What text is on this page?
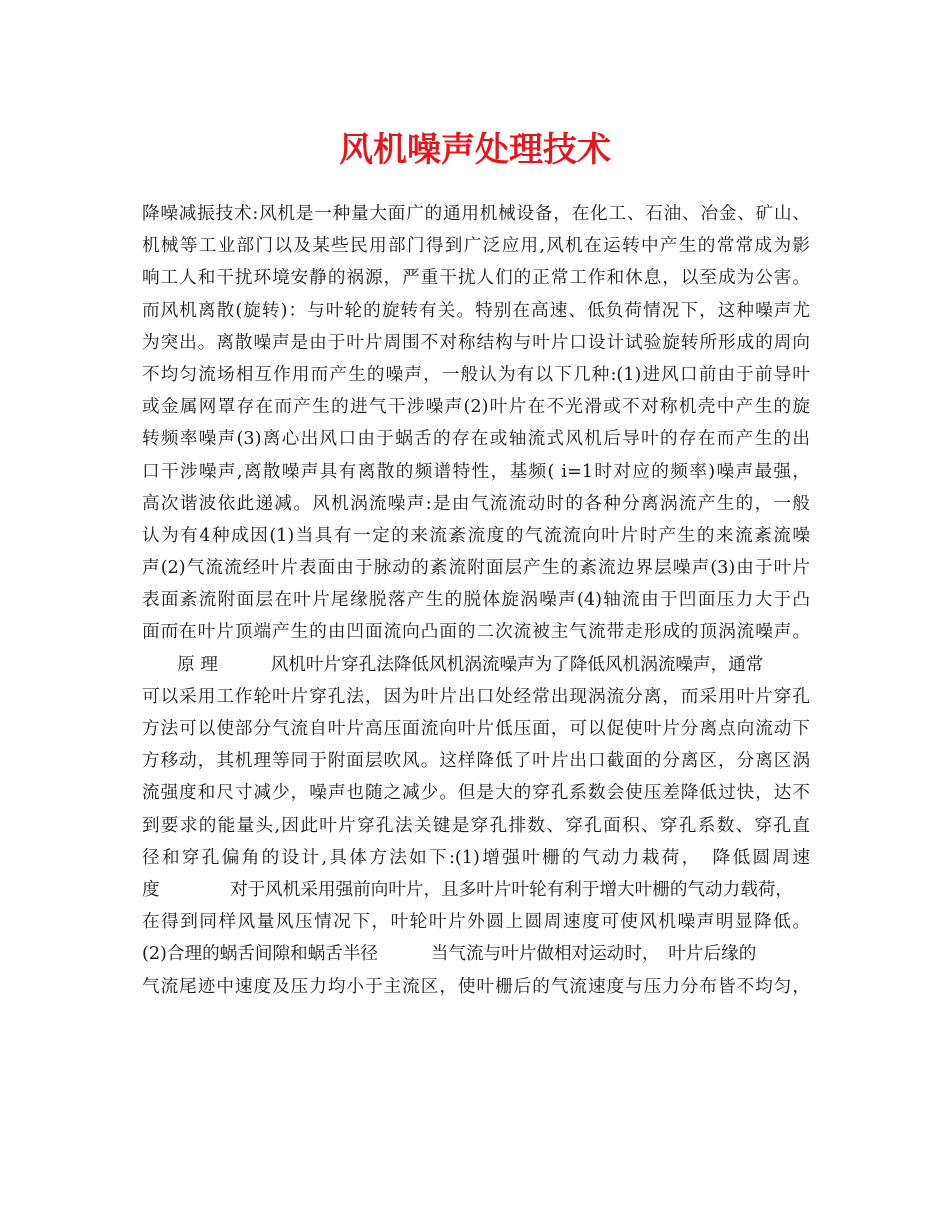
风机噪声处理技术
降噪减振技术:风机是一种量大面广的通用机械设备，在化工、石油、冶金、矿山、
机械等工业部门以及某些民用部门得到广泛应用,风机在运转中产生的常常成为影
响工人和干扰环境安静的祸源，严重干扰人们的正常工作和休息，以至成为公害。
而风机离散(旋转)：与叶轮的旋转有关。特别在高速、低负荷情况下，这种噪声尤
为突出。离散噪声是由于叶片周围不对称结构与叶片口设计试验旋转所形成的周向
不均匀流场相互作用而产生的噪声，一般认为有以下几种:(1)进风口前由于前导叶
或金属网罩存在而产生的进气干涉噪声(2)叶片在不光滑或不对称机壳中产生的旋
转频率噪声(3)离心出风口由于蜗舌的存在或轴流式风机后导叶的存在而产生的出
口干涉噪声,离散噪声具有离散的频谱特性，基频( i=1时对应的频率)噪声最强，
高次谐波依此递减。风机涡流噪声:是由气流流动时的各种分离涡流产生的，一般
认为有4种成因(1)当具有一定的来流紊流度的气流流向叶片时产生的来流紊流噪
声(2)气流流经叶片表面由于脉动的紊流附面层产生的紊流边界层噪声(3)由于叶片
表面紊流附面层在叶片尾缘脱落产生的脱体旋涡噪声(4)轴流由于凹面压力大于凸
面而在叶片顶端产生的由凹面流向凸面的二次流被主气流带走形成的顶涡流噪声。
　　原 理　　　风机叶片穿孔法降低风机涡流噪声为了降低风机涡流噪声，通常
可以采用工作轮叶片穿孔法，因为叶片出口处经常出现涡流分离，而采用叶片穿孔
方法可以使部分气流自叶片高压面流向叶片低压面，可以促使叶片分离点向流动下
方移动，其机理等同于附面层吹风。这样降低了叶片出口截面的分离区，分离区涡
流强度和尺寸减少，噪声也随之减少。但是大的穿孔系数会使压差降低过快，达不
到要求的能量头,因此叶片穿孔法关键是穿孔排数、穿孔面积、穿孔系数、穿孔直
径和穿孔偏角的设计,具体方法如下:(1)增强叶栅的气动力栽荷，　降低圆周速
度　　　　对于风机采用强前向叶片，且多叶片叶轮有利于增大叶栅的气动力载荷，
在得到同样风量风压情况下，叶轮叶片外圆上圆周速度可使风机噪声明显降低。
(2)合理的蜗舌间隙和蜗舌半径　　　当气流与叶片做相对运动时，　叶片后缘的
气流尾迹中速度及压力均小于主流区，使叶栅后的气流速度与压力分布皆不均匀，
